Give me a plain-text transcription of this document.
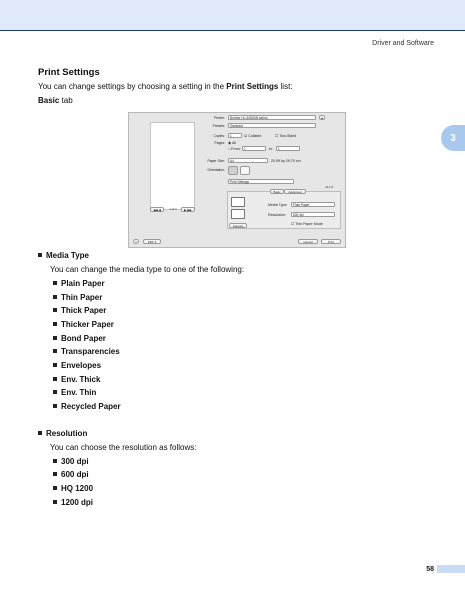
Driver and Software
3
Print Settings
You can change settings by choosing a setting in the Print Settings list:
Basic tab
◀◀ ◀	1 of 1	▶ ▶▶
Printer:	Brother HL-5450DN series	▲
Presets:	Standard
Copies:	1	☑ Collated	☐ Two-Sided
Pages: ◉ All
○ From:	1	to:	1
Paper Size:	A4	20.99 by 29.70 cm
Orientation:
Print Settings
v4.1.0
Basic	Advanced
Media Type:	Plain Paper
Resolution:	600 dpi
☐ Thin Paper Mode
Support
?	PDF ▾	Cancel	Print
Media Type
You can change the media type to one of the following:
Plain Paper
Thin Paper
Thick Paper
Thicker Paper
Bond Paper
Transparencies
Envelopes
Env. Thick
Env. Thin
Recycled Paper
Resolution
You can choose the resolution as follows:
300 dpi
600 dpi
HQ 1200
1200 dpi
58
